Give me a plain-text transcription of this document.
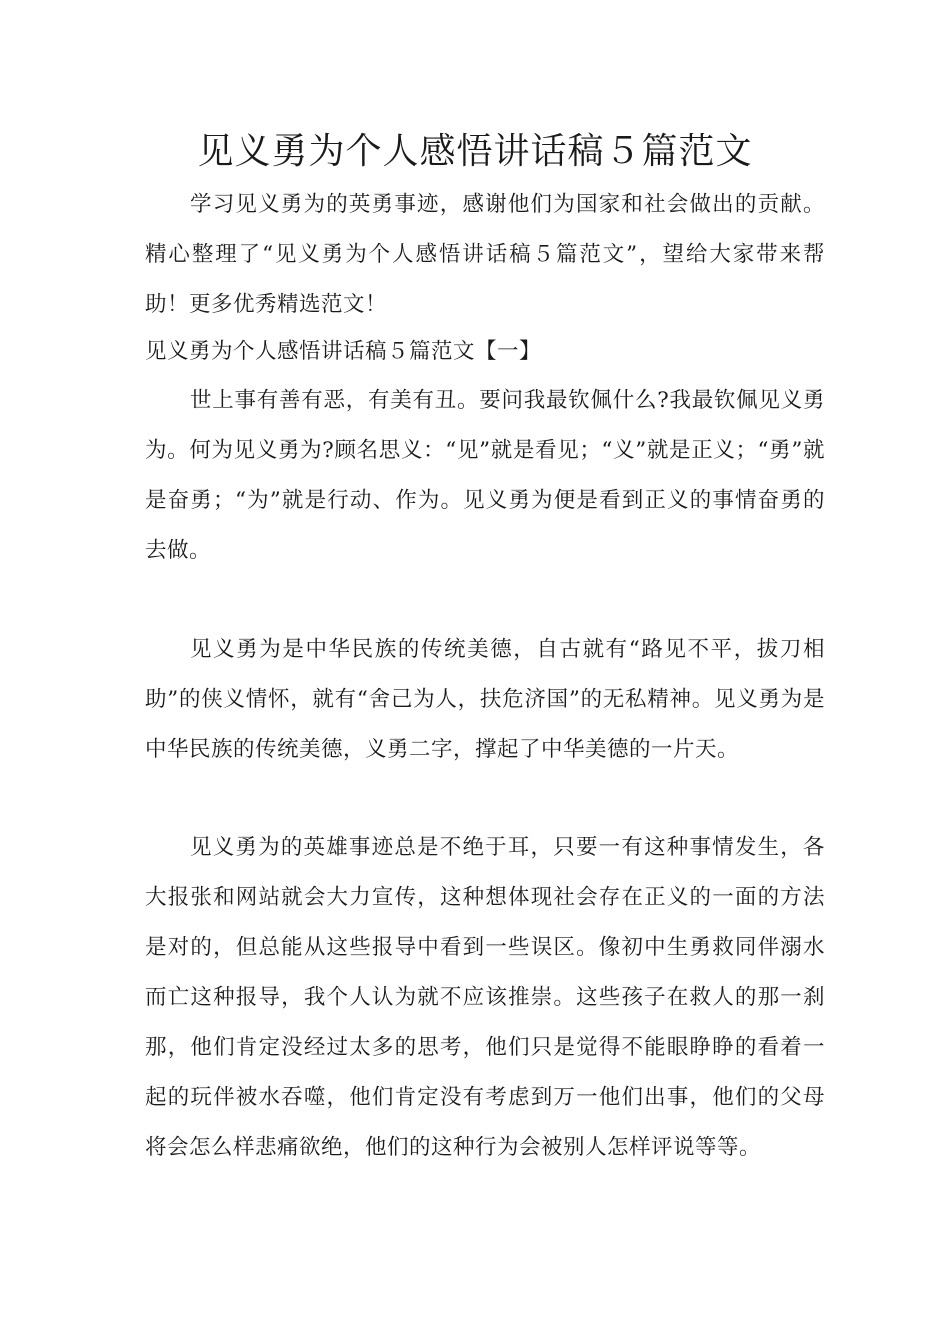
见义勇为个人感悟讲话稿５篇范文

学习见义勇为的英勇事迹，感谢他们为国家和社会做出的贡献。精心整理了“见义勇为个人感悟讲话稿５篇范文”，望给大家带来帮助！更多优秀精选范文！

见义勇为个人感悟讲话稿５篇范文【一】

世上事有善有恶，有美有丑。要问我最钦佩什么?我最钦佩见义勇为。何为见义勇为?顾名思义：“见”就是看见；“义”就是正义；“勇”就是奋勇；“为”就是行动、作为。见义勇为便是看到正义的事情奋勇的去做。

见义勇为是中华民族的传统美德，自古就有“路见不平，拔刀相助”的侠义情怀，就有“舍己为人，扶危济国”的无私精神。见义勇为是中华民族的传统美德，义勇二字，撑起了中华美德的一片天。

见义勇为的英雄事迹总是不绝于耳，只要一有这种事情发生，各大报张和网站就会大力宣传，这种想体现社会存在正义的一面的方法是对的，但总能从这些报导中看到一些误区。像初中生勇救同伴溺水而亡这种报导，我个人认为就不应该推崇。这些孩子在救人的那一刹那，他们肯定没经过太多的思考，他们只是觉得不能眼睁睁的看着一起的玩伴被水吞噬，他们肯定没有考虑到万一他们出事，他们的父母将会怎么样悲痛欲绝，他们的这种行为会被别人怎样评说等等。
